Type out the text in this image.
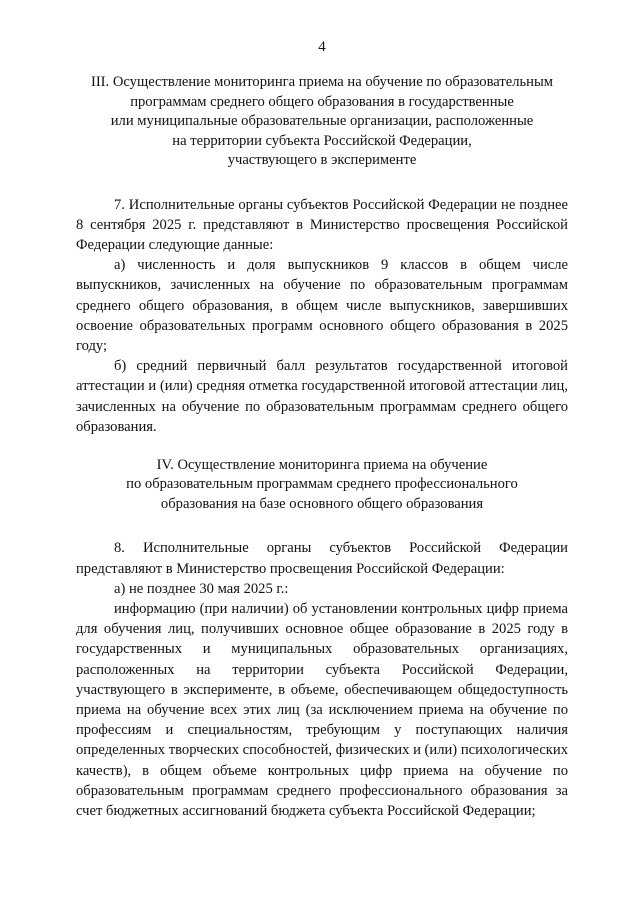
4
III. Осуществление мониторинга приема на обучение по образовательным
программам среднего общего образования в государственные
или муниципальные образовательные организации, расположенные
на территории субъекта Российской Федерации,
участвующего в эксперименте

7. Исполнительные органы субъектов Российской Федерации не позднее 8 сентября 2025 г. представляют в Министерство просвещения Российской Федерации следующие данные:

а) численность и доля выпускников 9 классов в общем числе выпускников, зачисленных на обучение по образовательным программам среднего общего образования, в общем числе выпускников, завершивших освоение образовательных программ основного общего образования в 2025 году;

б) средний первичный балл результатов государственной итоговой аттестации и (или) средняя отметка государственной итоговой аттестации лиц, зачисленных на обучение по образовательным программам среднего общего образования.

IV. Осуществление мониторинга приема на обучение
по образовательным программам среднего профессионального
образования на базе основного общего образования

8. Исполнительные органы субъектов Российской Федерации представляют в Министерство просвещения Российской Федерации:

а) не позднее 30 мая 2025 г.:

информацию (при наличии) об установлении контрольных цифр приема для обучения лиц, получивших основное общее образование в 2025 году в государственных и муниципальных образовательных организациях, расположенных на территории субъекта Российской Федерации, участвующего в эксперименте, в объеме, обеспечивающем общедоступность приема на обучение всех этих лиц (за исключением приема на обучение по профессиям и специальностям, требующим у поступающих наличия определенных творческих способностей, физических и (или) психологических качеств), в общем объеме контрольных цифр приема на обучение по образовательным программам среднего профессионального образования за счет бюджетных ассигнований бюджета субъекта Российской Федерации;
